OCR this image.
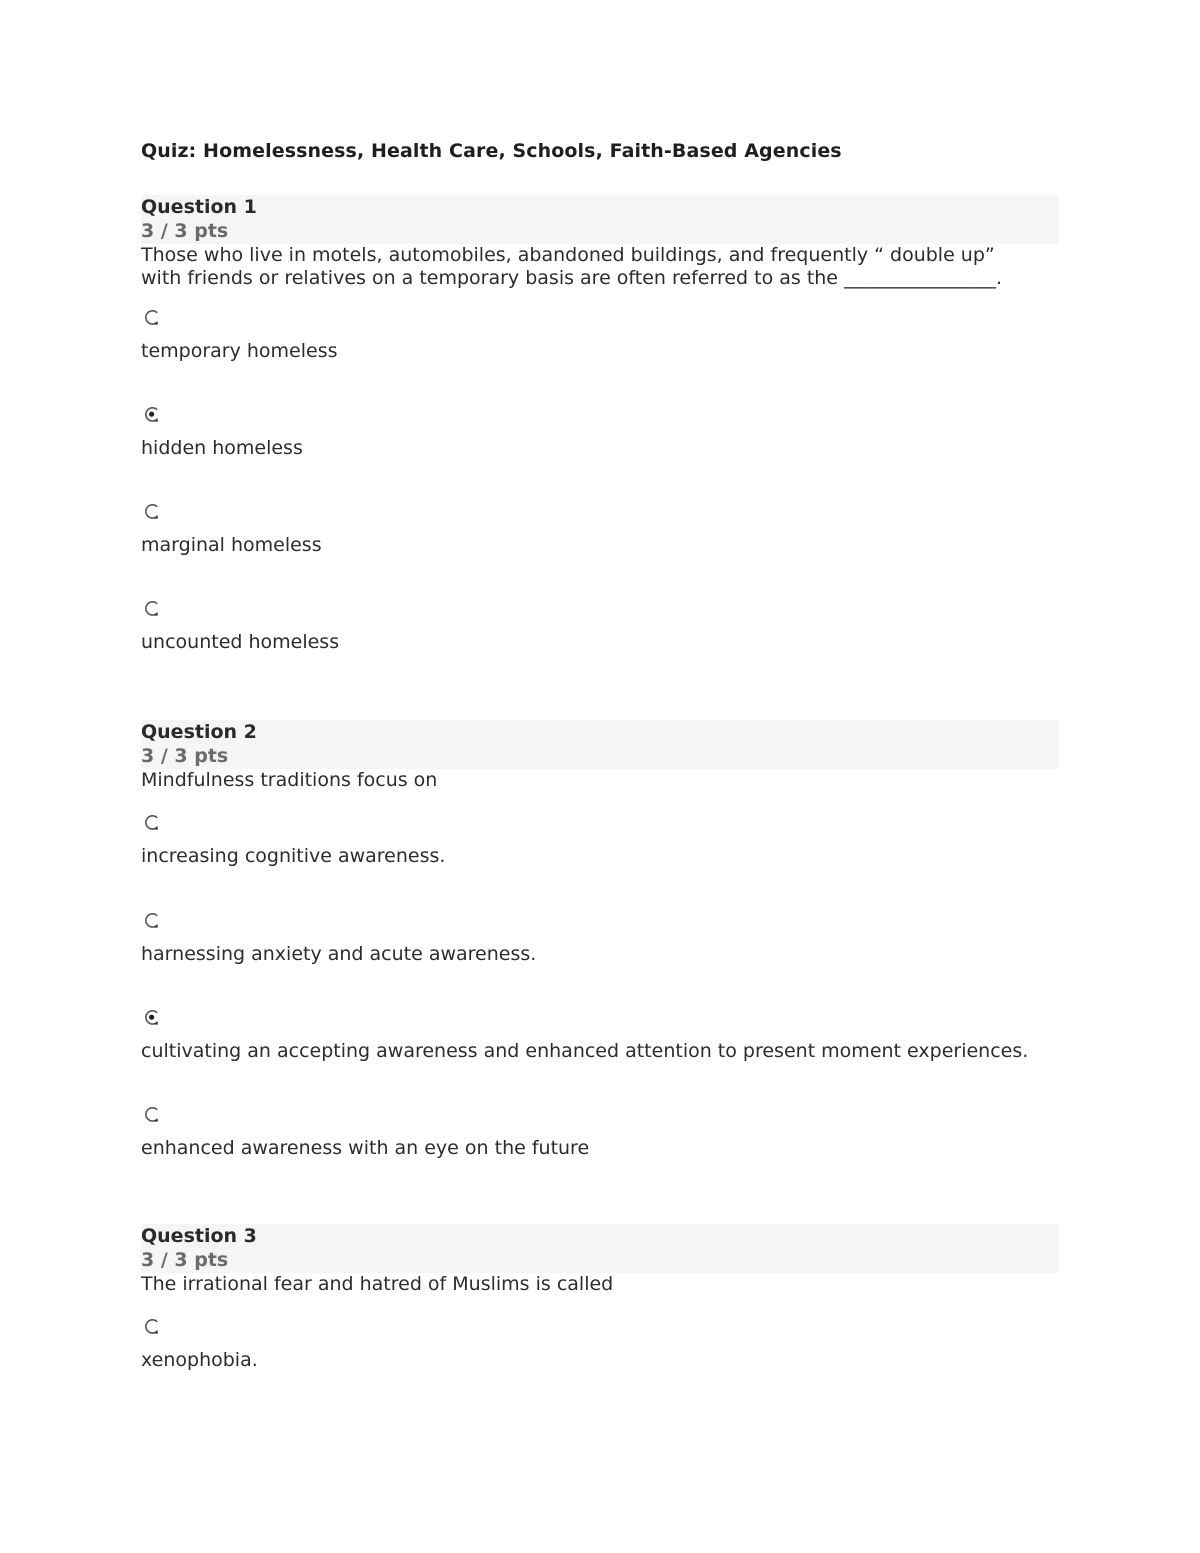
Quiz: Homelessness, Health Care, Schools, Faith-Based Agencies
Question 1
3 / 3 pts

Those who live in motels, automobiles, abandoned buildings, and frequently “ double up”
with friends or relatives on a temporary basis are often referred to as the ________________.

temporary homeless
hidden homeless
marginal homeless
uncounted homeless
Question 2
3 / 3 pts

Mindfulness traditions focus on

increasing cognitive awareness.
harnessing anxiety and acute awareness.
cultivating an accepting awareness and enhanced attention to present moment experiences.
enhanced awareness with an eye on the future
Question 3
3 / 3 pts

The irrational fear and hatred of Muslims is called

xenophobia.
